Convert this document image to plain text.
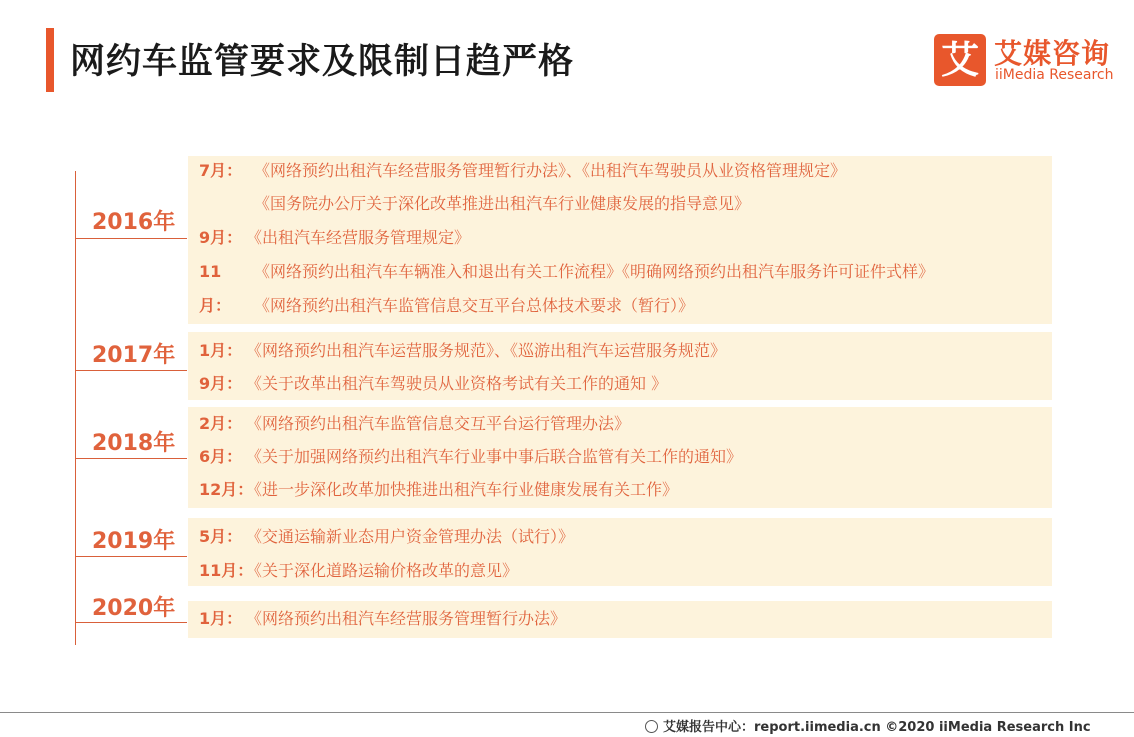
网约车监管要求及限制日趋严格	艾 艾媒咨询
iiMedia Research
2016年
7月： 《网络预约出租汽车经营服务管理暂行办法》、《出租汽车驾驶员从业资格管理规定》
《国务院办公厅关于深化改革推进出租汽车行业健康发展的指导意见》
9月： 《出租汽车经营服务管理规定》
11 《网络预约出租汽车车辆准入和退出有关工作流程》《明确网络预约出租汽车服务许可证件式样》
月： 《网络预约出租汽车监管信息交互平台总体技术要求（暂行）》
2017年 1月： 《网络预约出租汽车运营服务规范》、《巡游出租汽车运营服务规范》
9月： 《关于改革出租汽车驾驶员从业资格考试有关工作的通知 》
2018年
2月： 《网络预约出租汽车监管信息交互平台运行管理办法》
6月： 《关于加强网络预约出租汽车行业事中事后联合监管有关工作的通知》
12月：
《进一步深化改革加快推进出租汽车行业健康发展有关工作》
2019年 5月： 《交通运输新业态用户资金管理办法（试行）》
11月：
《关于深化道路运输价格改革的意见》
2020年 1月： 《网络预约出租汽车经营服务管理暂行办法》
艾媒报告中心：report.iimedia.cn ©2020 iiMedia Research Inc
